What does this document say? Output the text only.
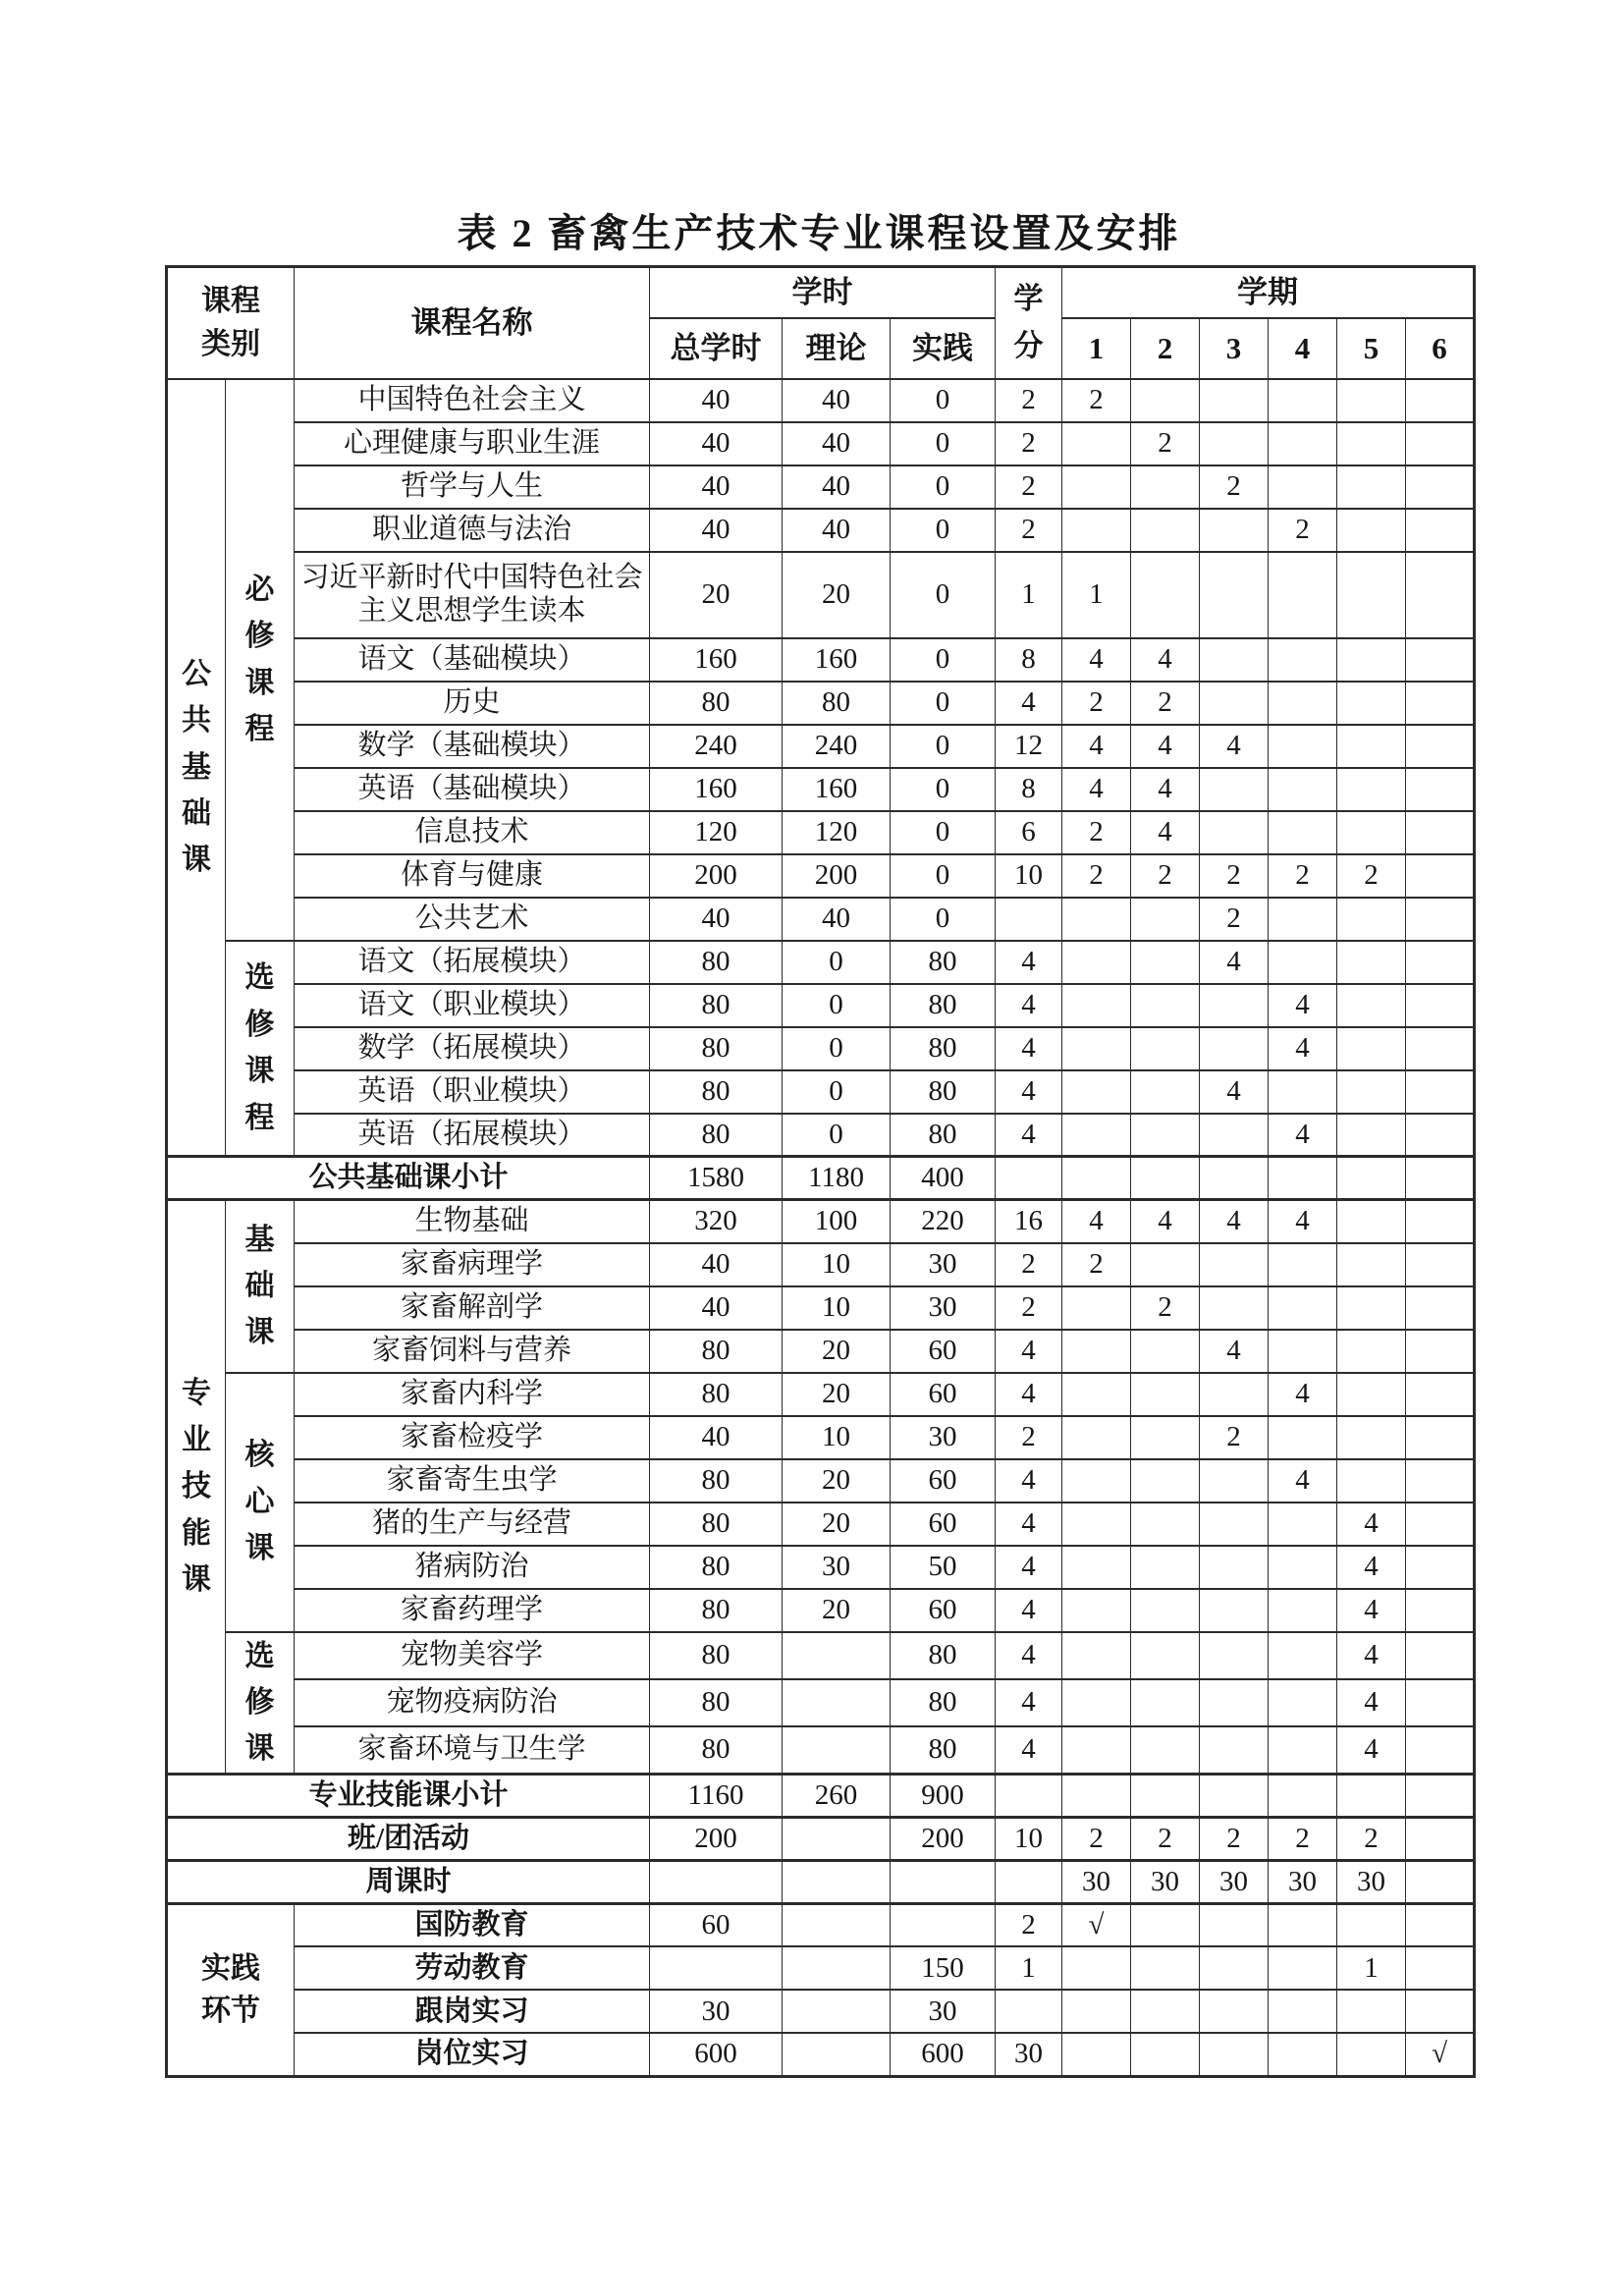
表 2 畜禽生产技术专业课程设置及安排
课程类别		课程名称	学时			学分	学期					
			总学时	理论	实践		1	2	3	4	5	6
公共基础课	必修课程	中国特色社会主义	40	40	0	2	2					
		心理健康与职业生涯	40	40	0	2		2				
		哲学与人生	40	40	0	2			2			
		职业道德与法治	40	40	0	2				2		
		习近平新时代中国特色社会主义思想学生读本	20	20	0	1	1					
		语文（基础模块）	160	160	0	8	4	4				
		历史	80	80	0	4	2	2				
		数学（基础模块）	240	240	0	12	4	4	4			
		英语（基础模块）	160	160	0	8	4	4				
		信息技术	120	120	0	6	2	4				
		体育与健康	200	200	0	10	2	2	2	2	2	
		公共艺术	40	40	0				2			
	选修课程	语文（拓展模块）	80	0	80	4			4			
		语文（职业模块）	80	0	80	4				4		
		数学（拓展模块）	80	0	80	4				4		
		英语（职业模块）	80	0	80	4			4			
		英语（拓展模块）	80	0	80	4				4		
公共基础课小计			1580	1180	400							
专业技能课	基础课	生物基础	320	100	220	16	4	4	4	4		
		家畜病理学	40	10	30	2	2					
		家畜解剖学	40	10	30	2		2				
		家畜饲料与营养	80	20	60	4			4			
	核心课	家畜内科学	80	20	60	4				4		
		家畜检疫学	40	10	30	2			2			
		家畜寄生虫学	80	20	60	4				4		
		猪的生产与经营	80	20	60	4					4	
		猪病防治	80	30	50	4					4	
		家畜药理学	80	20	60	4					4	
	选修课	宠物美容学	80		80	4					4	
		宠物疫病防治	80		80	4					4	
		家畜环境与卫生学	80		80	4					4	
专业技能课小计			1160	260	900							
班/团活动			200		200	10	2	2	2	2	2	
周课时							30	30	30	30	30	
实践环节		国防教育	60			2	√					
		劳动教育			150	1					1	
		跟岗实习	30		30							
		岗位实习	600		600	30						√
